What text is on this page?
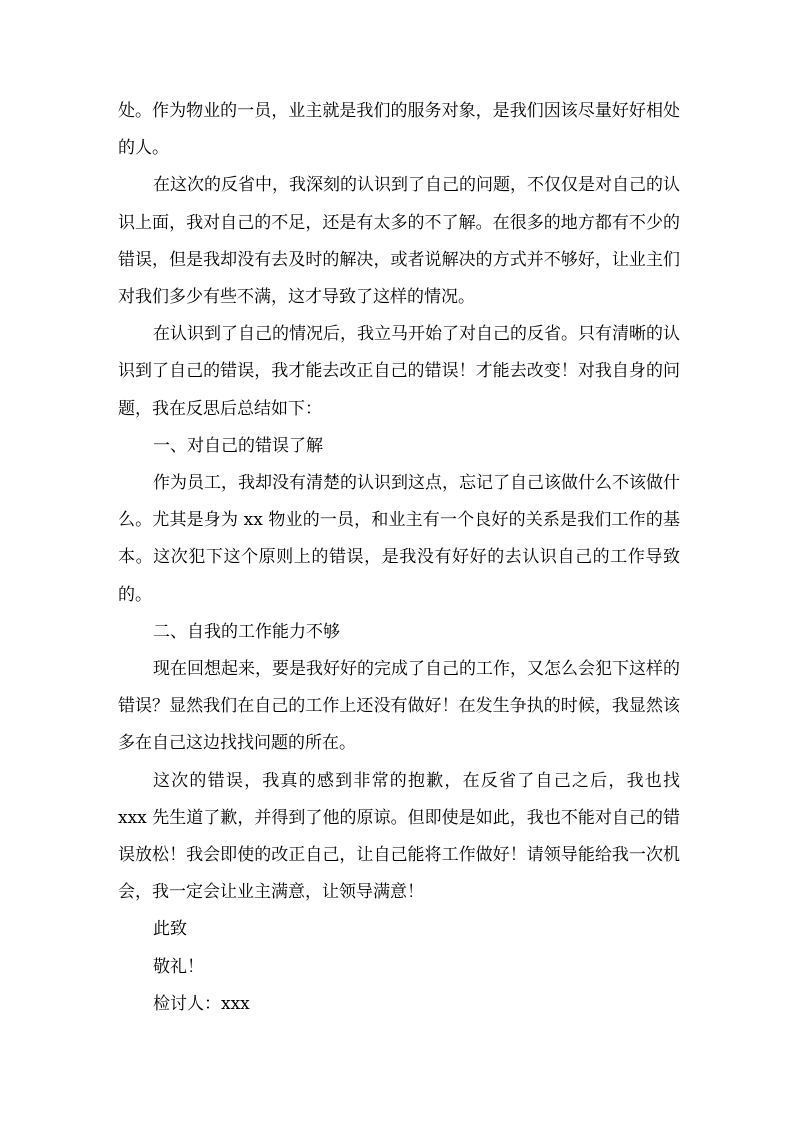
处。作为物业的一员，业主就是我们的服务对象，是我们因该尽量好好相处的人。

在这次的反省中，我深刻的认识到了自己的问题，不仅仅是对自己的认识上面，我对自己的不足，还是有太多的不了解。在很多的地方都有不少的错误，但是我却没有去及时的解决，或者说解决的方式并不够好，让业主们对我们多少有些不满，这才导致了这样的情况。

在认识到了自己的情况后，我立马开始了对自己的反省。只有清晰的认识到了自己的错误，我才能去改正自己的错误！才能去改变！对我自身的问题，我在反思后总结如下：

一、对自己的错误了解

作为员工，我却没有清楚的认识到这点，忘记了自己该做什么不该做什么。尤其是身为 xx 物业的一员，和业主有一个良好的关系是我们工作的基本。这次犯下这个原则上的错误，是我没有好好的去认识自己的工作导致的。

二、自我的工作能力不够

现在回想起来，要是我好好的完成了自己的工作，又怎么会犯下这样的错误？显然我们在自己的工作上还没有做好！在发生争执的时候，我显然该多在自己这边找找问题的所在。

这次的错误，我真的感到非常的抱歉，在反省了自己之后，我也找 xxx 先生道了歉，并得到了他的原谅。但即使是如此，我也不能对自己的错误放松！我会即使的改正自己，让自己能将工作做好！请领导能给我一次机会，我一定会让业主满意，让领导满意！

此致

敬礼！

检讨人：xxx
